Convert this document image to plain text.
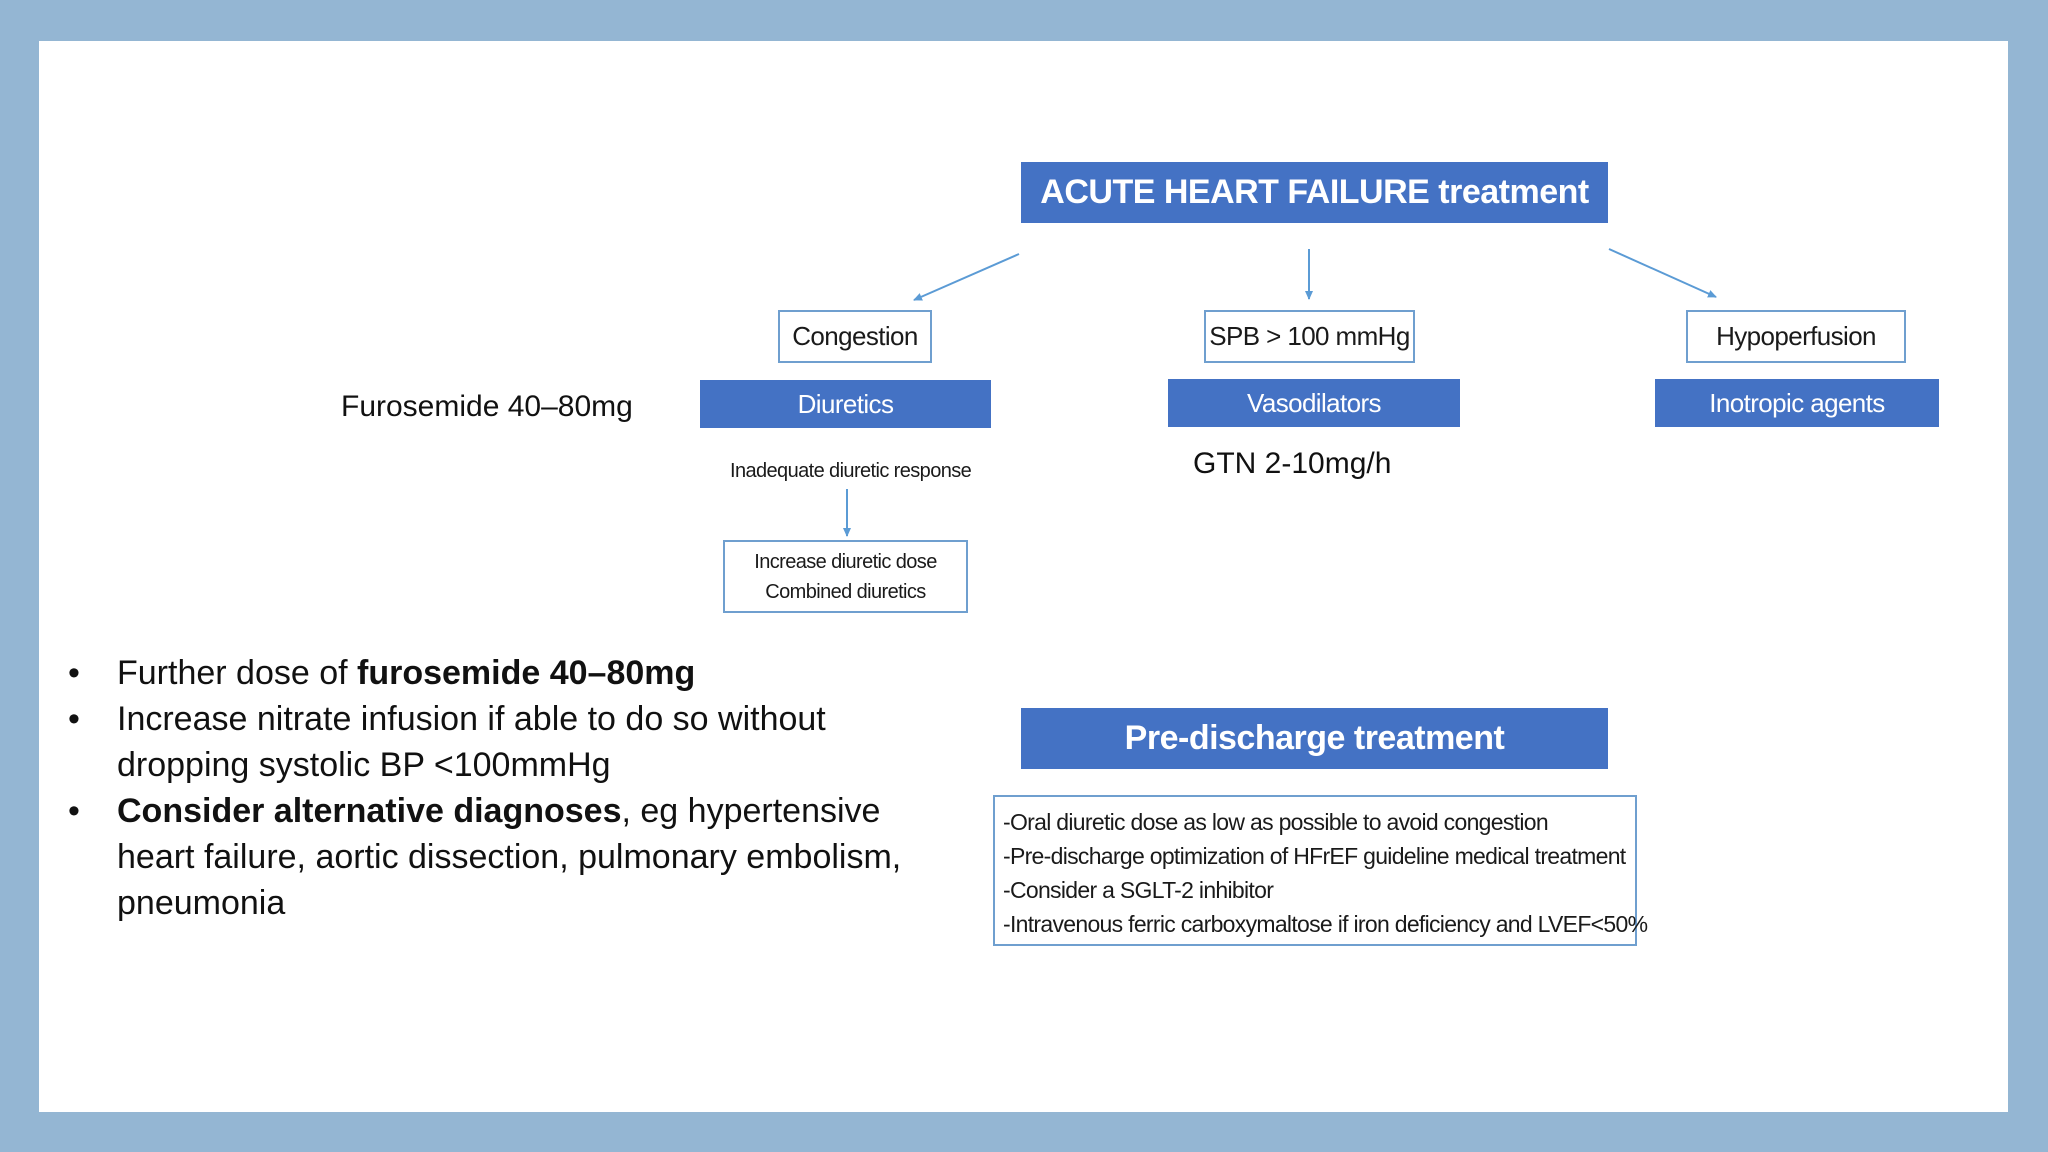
ACUTE HEART FAILURE treatment
Congestion
Diuretics
Furosemide 40–80mg
Inadequate diuretic response
Increase diuretic dose
Combined diuretics
SPB > 100 mmHg
Vasodilators
GTN 2-10mg/h
Hypoperfusion
Inotropic agents
• Further dose of furosemide 40–80mg
• Increase nitrate infusion if able to do so without dropping systolic BP <100mmHg
• Consider alternative diagnoses, eg hypertensive heart failure, aortic dissection, pulmonary embolism, pneumonia
Pre-discharge treatment
-Oral diuretic dose as low as possible to avoid congestion
-Pre-discharge optimization of HFrEF guideline medical treatment
-Consider a SGLT-2 inhibitor
-Intravenous ferric carboxymaltose if iron deficiency and LVEF<50%
